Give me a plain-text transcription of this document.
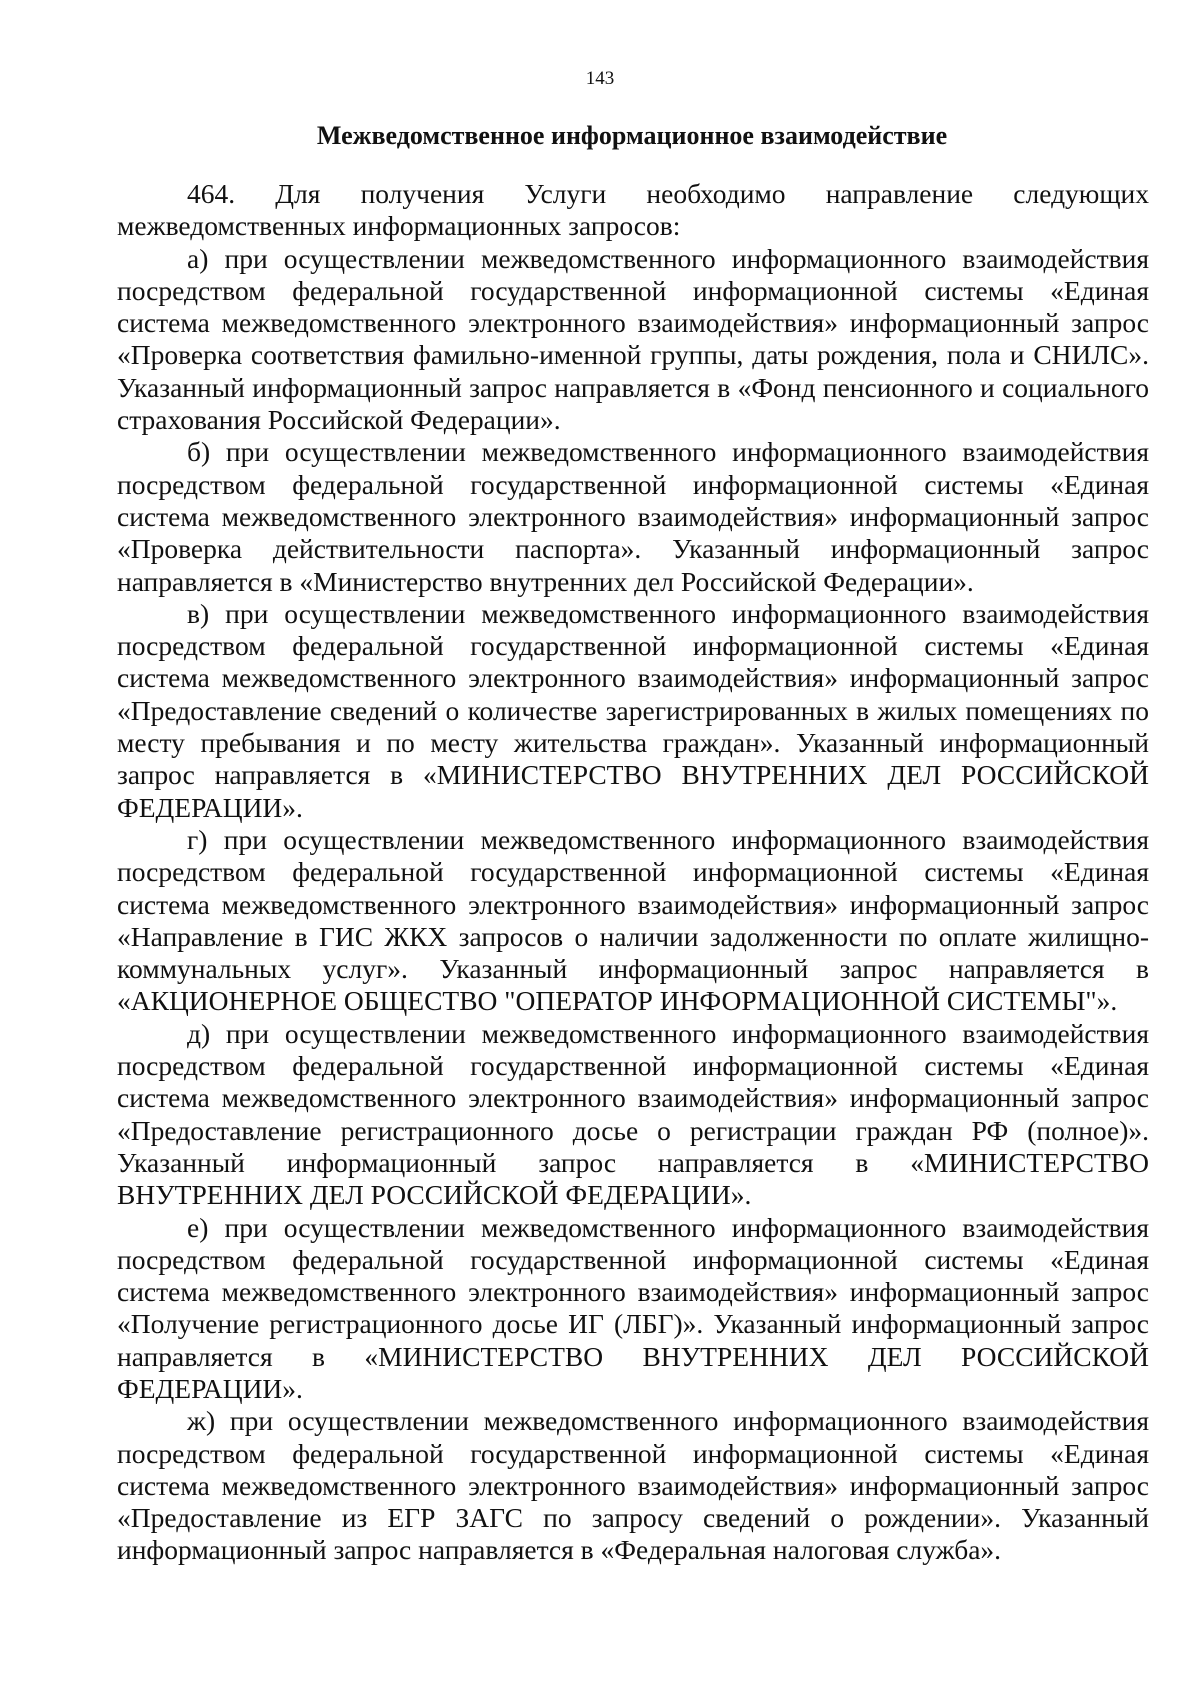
143
Межведомственное информационное взаимодействие

464. Для получения Услуги необходимо направление следующих межведомственных информационных запросов:

а) при осуществлении межведомственного информационного взаимодействия посредством федеральной государственной информационной системы «Единая система межведомственного электронного взаимодействия» информационный запрос «Проверка соответствия фамильно-именной группы, даты рождения, пола и СНИЛС». Указанный информационный запрос направляется в «Фонд пенсионного и социального страхования Российской Федерации».

б) при осуществлении межведомственного информационного взаимодействия посредством федеральной государственной информационной системы «Единая система межведомственного электронного взаимодействия» информационный запрос «Проверка действительности паспорта». Указанный информационный запрос направляется в «Министерство внутренних дел Российской Федерации».

в) при осуществлении межведомственного информационного взаимодействия посредством федеральной государственной информационной системы «Единая система межведомственного электронного взаимодействия» информационный запрос «Предоставление сведений о количестве зарегистрированных в жилых помещениях по месту пребывания и по месту жительства граждан». Указанный информационный запрос направляется в «МИНИСТЕРСТВО ВНУТРЕННИХ ДЕЛ РОССИЙСКОЙ ФЕДЕРАЦИИ».

г) при осуществлении межведомственного информационного взаимодействия посредством федеральной государственной информационной системы «Единая система межведомственного электронного взаимодействия» информационный запрос «Направление в ГИС ЖКХ запросов о наличии задолженности по оплате жилищно-коммунальных услуг». Указанный информационный запрос направляется в «АКЦИОНЕРНОЕ ОБЩЕСТВО "ОПЕРАТОР ИНФОРМАЦИОННОЙ СИСТЕМЫ"».

д) при осуществлении межведомственного информационного взаимодействия посредством федеральной государственной информационной системы «Единая система межведомственного электронного взаимодействия» информационный запрос «Предоставление регистрационного досье о регистрации граждан РФ (полное)». Указанный информационный запрос направляется в «МИНИСТЕРСТВО ВНУТРЕННИХ ДЕЛ РОССИЙСКОЙ ФЕДЕРАЦИИ».

е) при осуществлении межведомственного информационного взаимодействия посредством федеральной государственной информационной системы «Единая система межведомственного электронного взаимодействия» информационный запрос «Получение регистрационного досье ИГ (ЛБГ)». Указанный информационный запрос направляется в «МИНИСТЕРСТВО ВНУТРЕННИХ ДЕЛ РОССИЙСКОЙ ФЕДЕРАЦИИ».

ж) при осуществлении межведомственного информационного взаимодействия посредством федеральной государственной информационной системы «Единая система межведомственного электронного взаимодействия» информационный запрос «Предоставление из ЕГР ЗАГС по запросу сведений о рождении». Указанный информационный запрос направляется в «Федеральная налоговая служба».
